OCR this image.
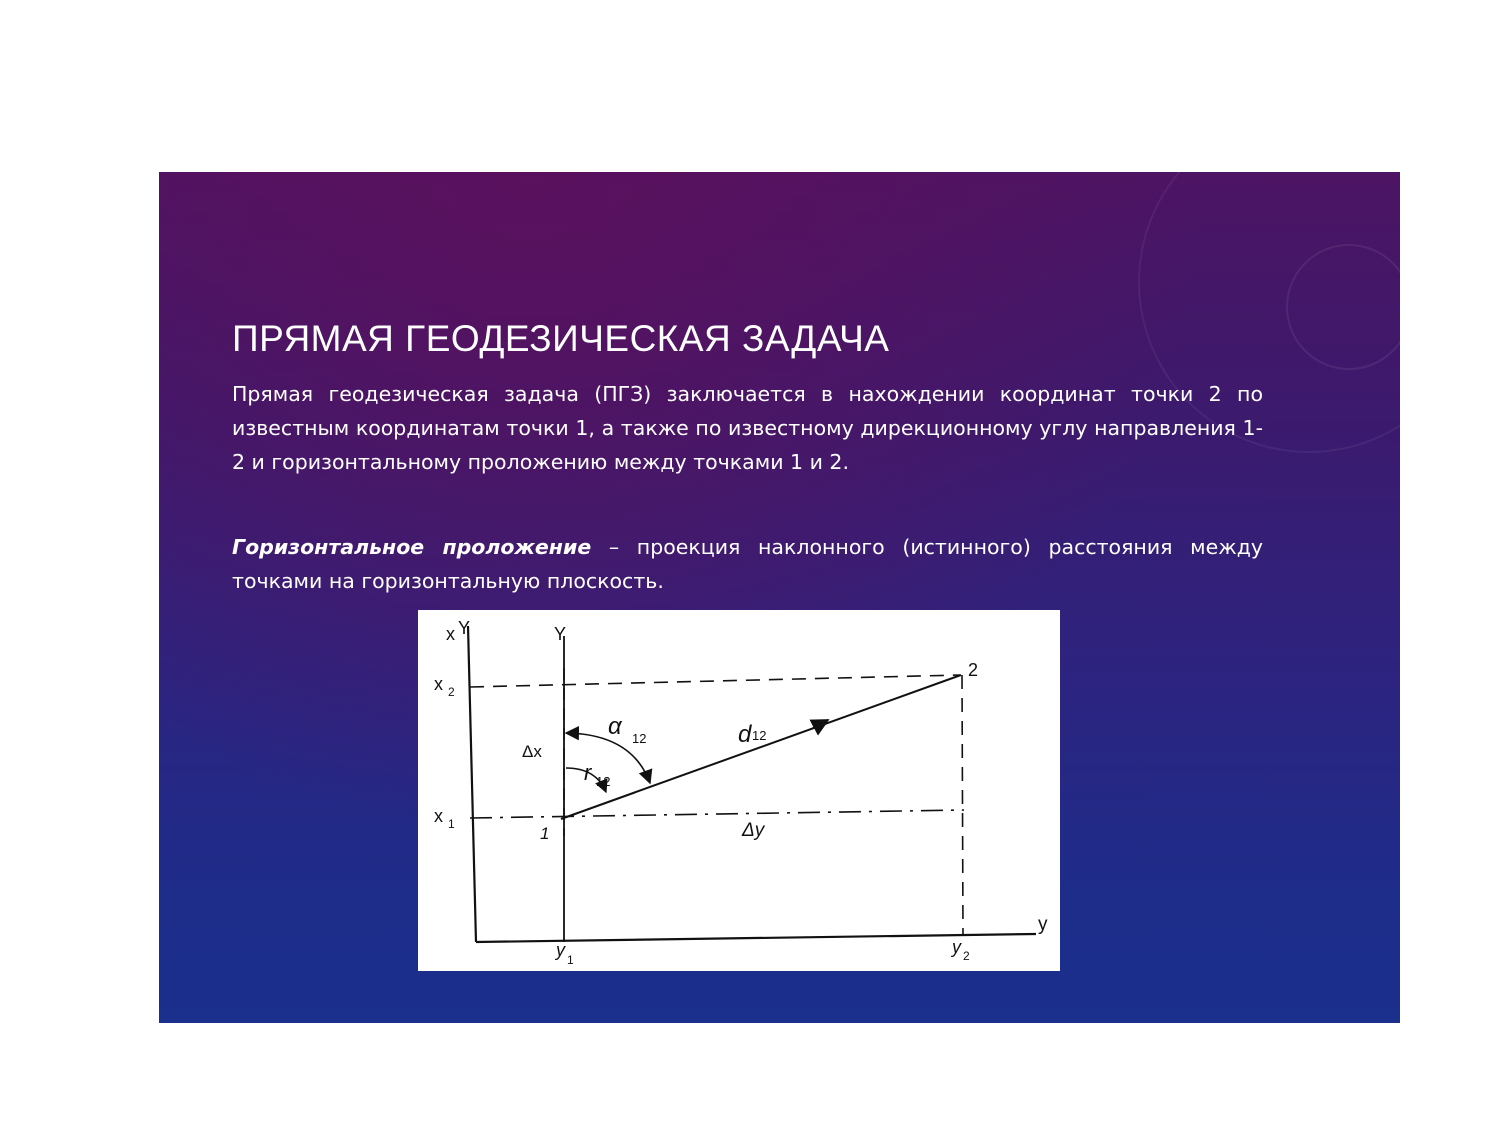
ПРЯМАЯ ГЕОДЕЗИЧЕСКАЯ ЗАДАЧА

Прямая геодезическая задача (ПГЗ) заключается в нахождении координат точки 2 по известным координатам точки 1, а также по известному дирекционному углу направления 1-2 и горизонтальному проложению между точками 1 и 2.

Горизонтальное проложение – проекция наклонного (истинного) расстояния между точками на горизонтальную плоскость.

x Y	Y
x 2
x 1	1
2
Δx
Δy
α 12
r 12
d 12
y 1
y 2
y
